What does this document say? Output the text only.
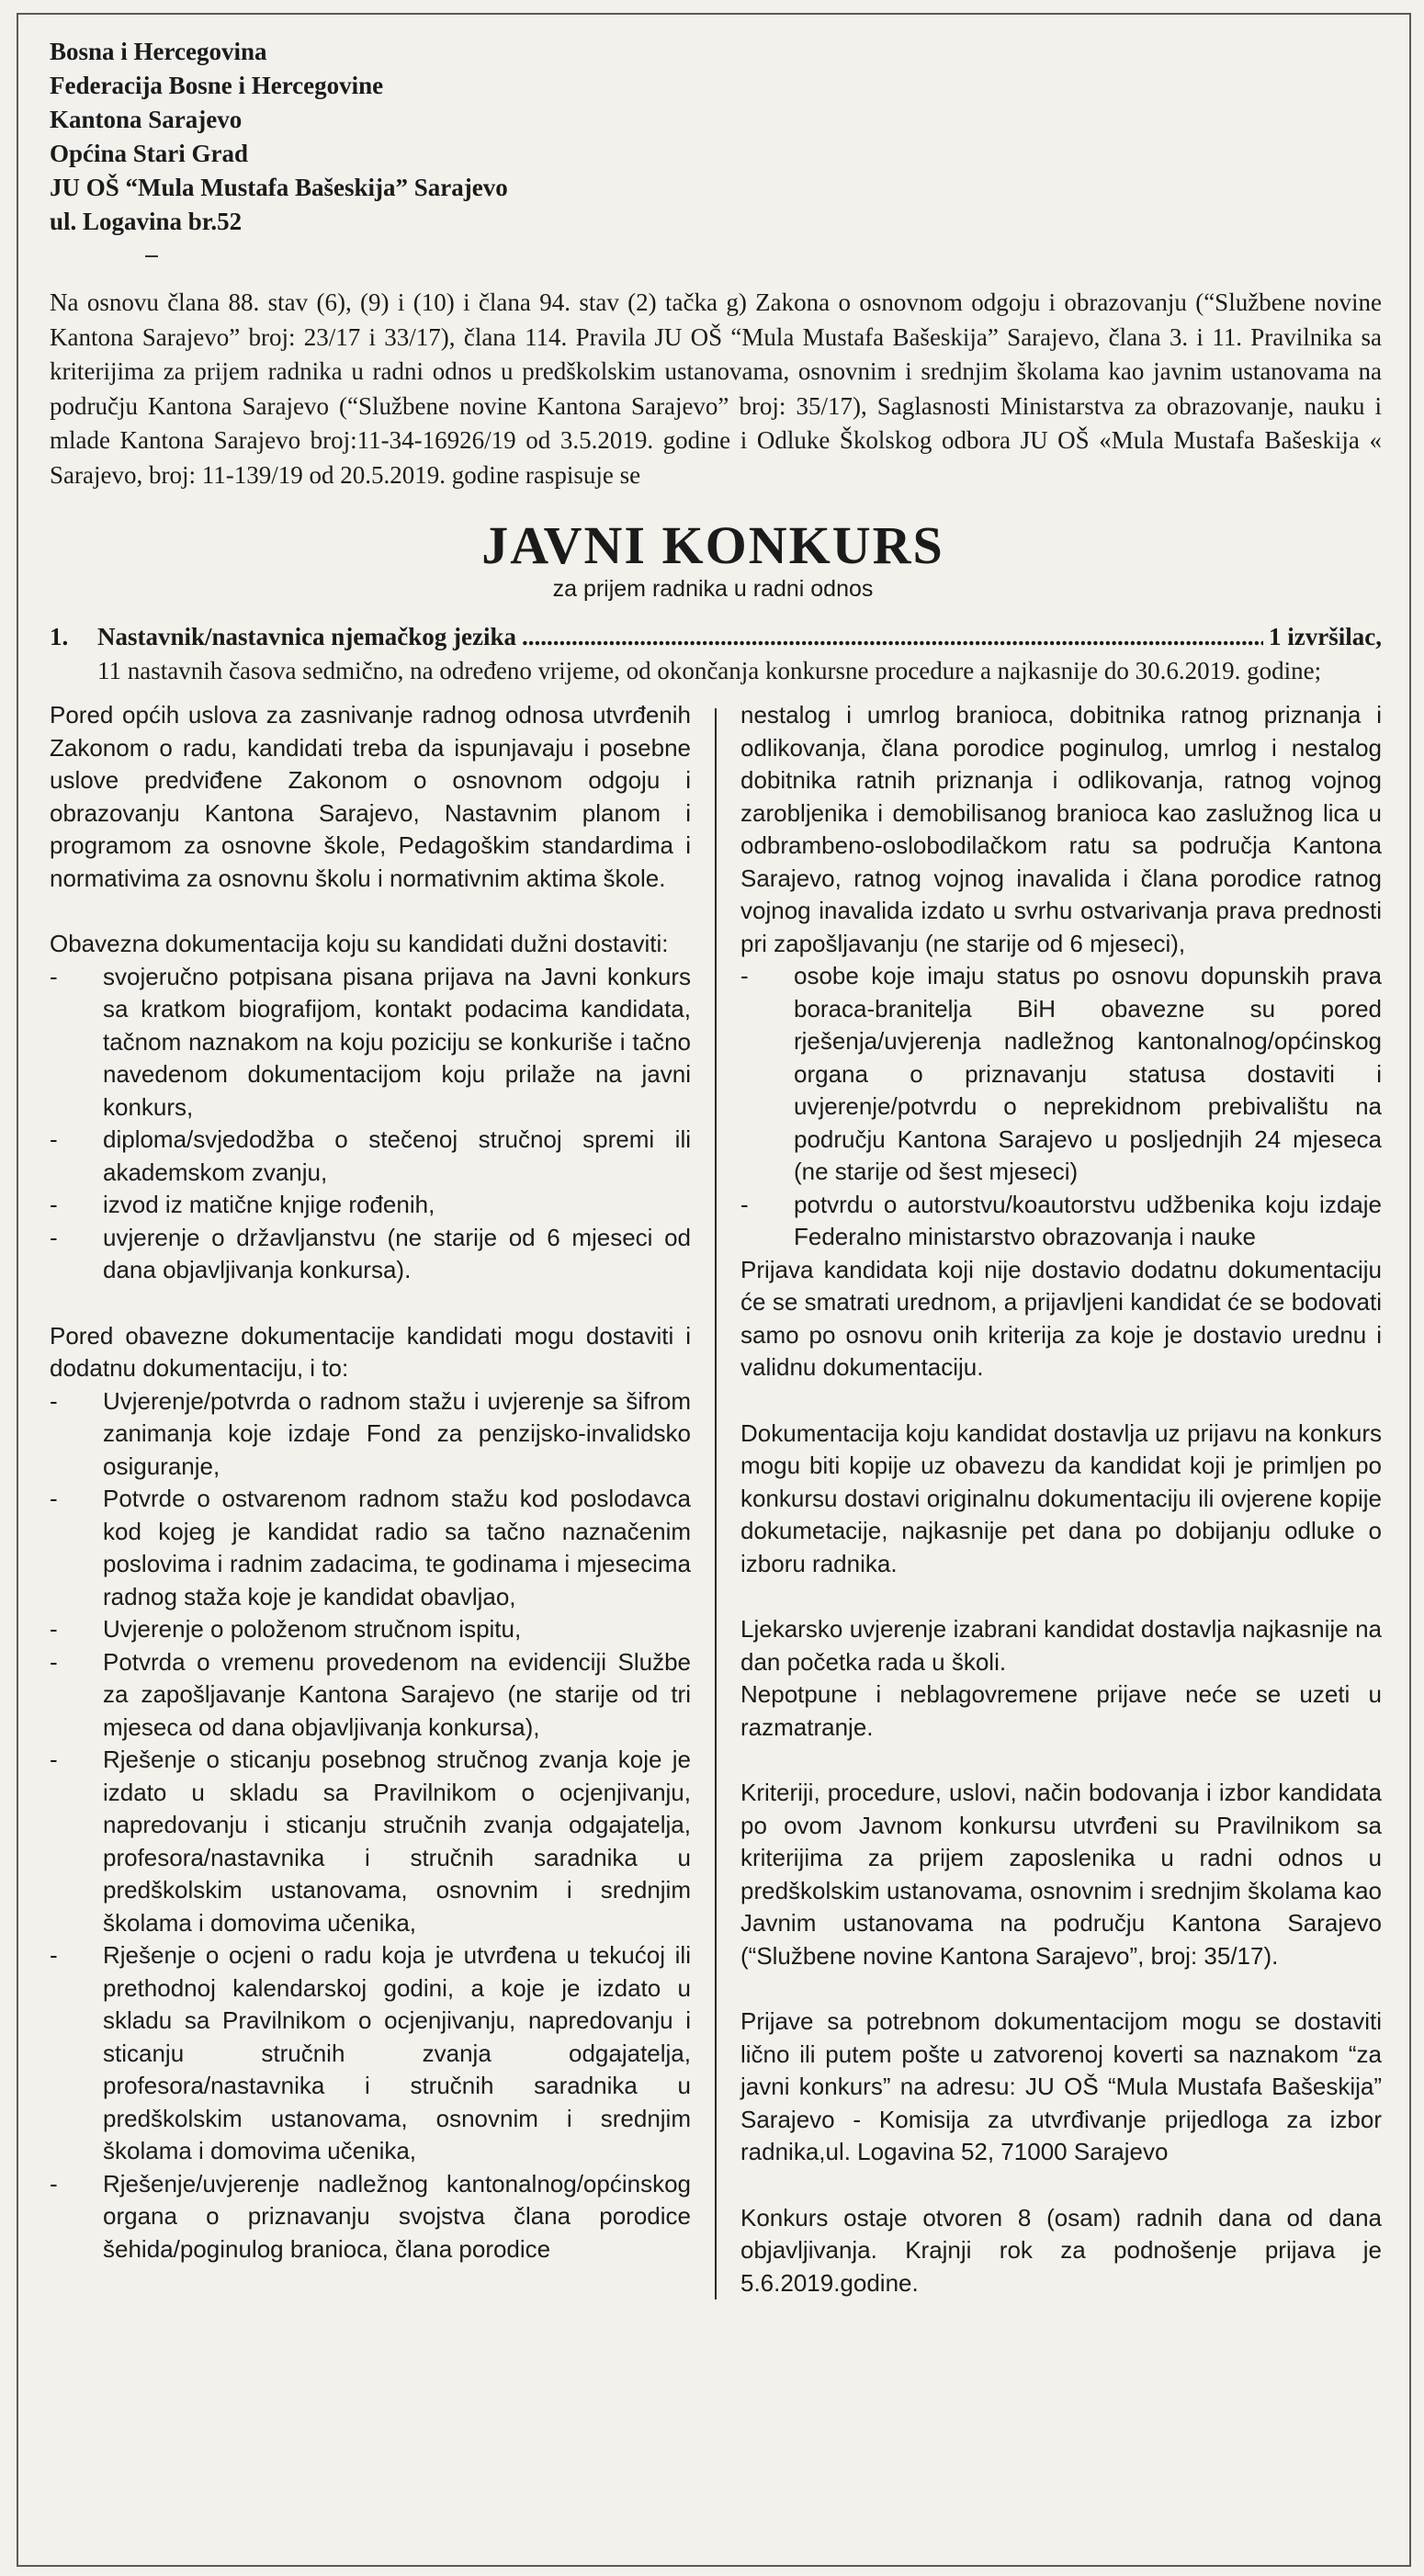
Bosna i Hercegovina
Federacija Bosne i Hercegovine
Kantona Sarajevo
Općina Stari Grad
JU OŠ “Mula Mustafa Bašeskija” Sarajevo
ul. Logavina br.52

Na osnovu člana 88. stav (6), (9) i (10) i člana 94. stav (2) tačka g) Zakona o osnovnom odgoju i obrazovanju (“Službene novine Kantona Sarajevo” broj: 23/17 i 33/17), člana 114. Pravila JU OŠ “Mula Mustafa Bašeskija” Sarajevo, člana 3. i 11. Pravilnika sa kriterijima za prijem radnika u radni odnos u predškolskim ustanovama, osnovnim i srednjim školama kao javnim ustanovama na području Kantona Sarajevo (“Službene novine Kantona Sarajevo” broj: 35/17), Saglasnosti Ministarstva za obrazovanje, nauku i mlade Kantona Sarajevo broj:11-34-16926/19 od 3.5.2019. godine i Odluke Školskog odbora JU OŠ «Mula Mustafa Bašeskija « Sarajevo, broj: 11-139/19 od 20.5.2019. godine raspisuje se

JAVNI KONKURS
za prijem radnika u radni odnos
1.	Nastavnik/nastavnica njemačkog jezika
.....	1 izvršilac,
11 nastavnih časova sedmično, na određeno vrijeme, od okončanja konkursne procedure a najkasnije do 30.6.2019. godine;

Pored općih uslova za zasnivanje radnog odnosa utvrđenih Zakonom o radu, kandidati treba da ispunjavaju i posebne uslove predviđene Zakonom o osnovnom odgoju i obrazovanju Kantona Sarajevo, Nastavnim planom i programom za osnovne škole, Pedagoškim standardima i normativima za osnovnu školu i normativnim aktima škole.

Obavezna dokumentacija koju su kandidati dužni dostaviti:

- svojeručno potpisana pisana prijava na Javni konkurs sa kratkom biografijom, kontakt podacima kandidata, tačnom naznakom na koju poziciju se konkuriše i tačno navedenom dokumentacijom koju prilaže na javni konkurs,
- diploma/svjedodžba o stečenoj stručnoj spremi ili akademskom zvanju,
- izvod iz matične knjige rođenih,
- uvjerenje o državljanstvu (ne starije od 6 mjeseci od dana objavljivanja konkursa).

Pored obavezne dokumentacije kandidati mogu dostaviti i dodatnu dokumentaciju, i to:

- Uvjerenje/potvrda o radnom stažu i uvjerenje sa šifrom zanimanja koje izdaje Fond za penzijsko-invalidsko osiguranje,
- Potvrde o ostvarenom radnom stažu kod poslodavca kod kojeg je kandidat radio sa tačno naznačenim poslovima i radnim zadacima, te godinama i mjesecima radnog staža koje je kandidat obavljao,
- Uvjerenje o položenom stručnom ispitu,
- Potvrda o vremenu provedenom na evidenciji Službe za zapošljavanje Kantona Sarajevo (ne starije od tri mjeseca od dana objavljivanja konkursa),
- Rješenje o sticanju posebnog stručnog zvanja koje je izdato u skladu sa Pravilnikom o ocjenjivanju, napredovanju i sticanju stručnih zvanja odgajatelja, profesora/nastavnika i stručnih saradnika u predškolskim ustanovama, osnovnim i srednjim školama i domovima učenika,
- Rješenje o ocjeni o radu koja je utvrđena u tekućoj ili prethodnoj kalendarskoj godini, a koje je izdato u skladu sa Pravilnikom o ocjenjivanju, napredovanju i sticanju stručnih zvanja odgajatelja, profesora/nastavnika i stručnih saradnika u predškolskim ustanovama, osnovnim i srednjim školama i domovima učenika,
- Rješenje/uvjerenje nadležnog kantonalnog/općinskog organa o priznavanju svojstva člana porodice šehida/poginulog branioca, člana porodice
nestalog i umrlog branioca, dobitnika ratnog priznanja i odlikovanja, člana porodice poginulog, umrlog i nestalog dobitnika ratnih priznanja i odlikovanja, ratnog vojnog zarobljenika i demobilisanog branioca kao zaslužnog lica u odbrambeno-oslobodilačkom ratu sa područja Kantona Sarajevo, ratnog vojnog inavalida i člana porodice ratnog vojnog inavalida izdato u svrhu ostvarivanja prava prednosti pri zapošljavanju (ne starije od 6 mjeseci),
- osobe koje imaju status po osnovu dopunskih prava boraca-branitelja BiH obavezne su pored rješenja/uvjerenja nadležnog kantonalnog/općinskog organa o priznavanju statusa dostaviti i uvjerenje/potvrdu o neprekidnom prebivalištu na području Kantona Sarajevo u posljednjih 24 mjeseca (ne starije od šest mjeseci)
- potvrdu o autorstvu/koautorstvu udžbenika koju izdaje Federalno ministarstvo obrazovanja i nauke

Prijava kandidata koji nije dostavio dodatnu dokumentaciju će se smatrati urednom, a prijavljeni kandidat će se bodovati samo po osnovu onih kriterija za koje je dostavio urednu i validnu dokumentaciju.

Dokumentacija koju kandidat dostavlja uz prijavu na konkurs mogu biti kopije uz obavezu da kandidat koji je primljen po konkursu dostavi originalnu dokumentaciju ili ovjerene kopije dokumetacije, najkasnije pet dana po dobijanju odluke o izboru radnika.

Ljekarsko uvjerenje izabrani kandidat dostavlja najkasnije na dan početka rada u školi.

Nepotpune i neblagovremene prijave neće se uzeti u razmatranje.

Kriteriji, procedure, uslovi, način bodovanja i izbor kandidata po ovom Javnom konkursu utvrđeni su Pravilnikom sa kriterijima za prijem zaposlenika u radni odnos u predškolskim ustanovama, osnovnim i srednjim školama kao Javnim ustanovama na području Kantona Sarajevo (“Službene novine Kantona Sarajevo”, broj: 35/17).

Prijave sa potrebnom dokumentacijom mogu se dostaviti lično ili putem pošte u zatvorenoj koverti sa naznakom “za javni konkurs” na adresu: JU OŠ “Mula Mustafa Bašeskija” Sarajevo - Komisija za utvrđivanje prijedloga za izbor radnika,ul. Logavina 52, 71000 Sarajevo

Konkurs ostaje otvoren 8 (osam) radnih dana od dana objavljivanja. Krajnji rok za podnošenje prijava je 5.6.2019.godine.
